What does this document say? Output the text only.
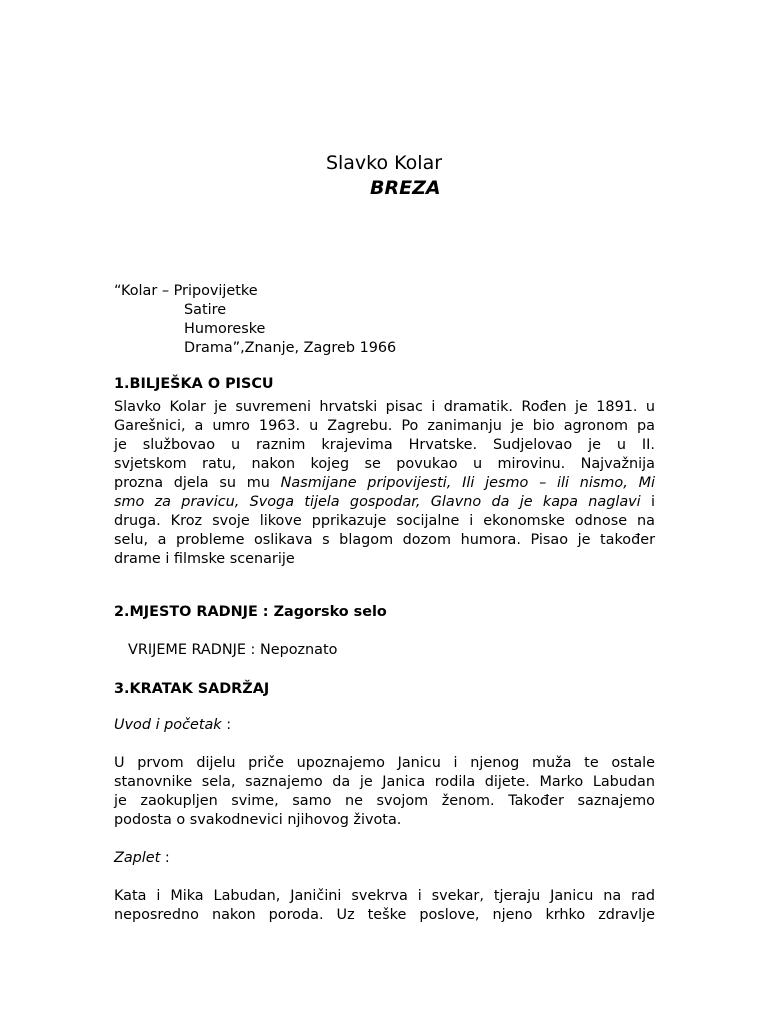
Slavko Kolar
BREZA
“Kolar – Pripovijetke
Satire
Humoreske
Drama”,Znanje, Zagreb 1966
1.BILJEŠKA O PISCU
Slavko Kolar je suvremeni hrvatski pisac i dramatik. Rođen je 1891. u
Garešnici, a umro 1963. u Zagrebu. Po zanimanju je bio agronom pa
je službovao u raznim krajevima Hrvatske. Sudjelovao je u II.
svjetskom ratu, nakon kojeg se povukao u mirovinu. Najvažnija
prozna djela su mu Nasmijane pripovijesti, Ili jesmo – ili nismo, Mi
smo za pravicu, Svoga tijela gospodar, Glavno da je kapa naglavi i
druga. Kroz svoje likove pprikazuje socijalne i ekonomske odnose na
selu, a probleme oslikava s blagom dozom humora. Pisao je također
drame i filmske scenarije
2.MJESTO RADNJE : Zagorsko selo
VRIJEME RADNJE : Nepoznato
3.KRATAK SADRŽAJ
Uvod i početak :
U prvom dijelu priče upoznajemo Janicu i njenog muža te ostale
stanovnike sela, saznajemo da je Janica rodila dijete. Marko Labudan
je zaokupljen svime, samo ne svojom ženom. Također saznajemo
podosta o svakodnevici njihovog života.
Zaplet :
Kata i Mika Labudan, Janičini svekrva i svekar, tjeraju Janicu na rad
neposredno nakon poroda. Uz teške poslove, njeno krhko zdravlje
